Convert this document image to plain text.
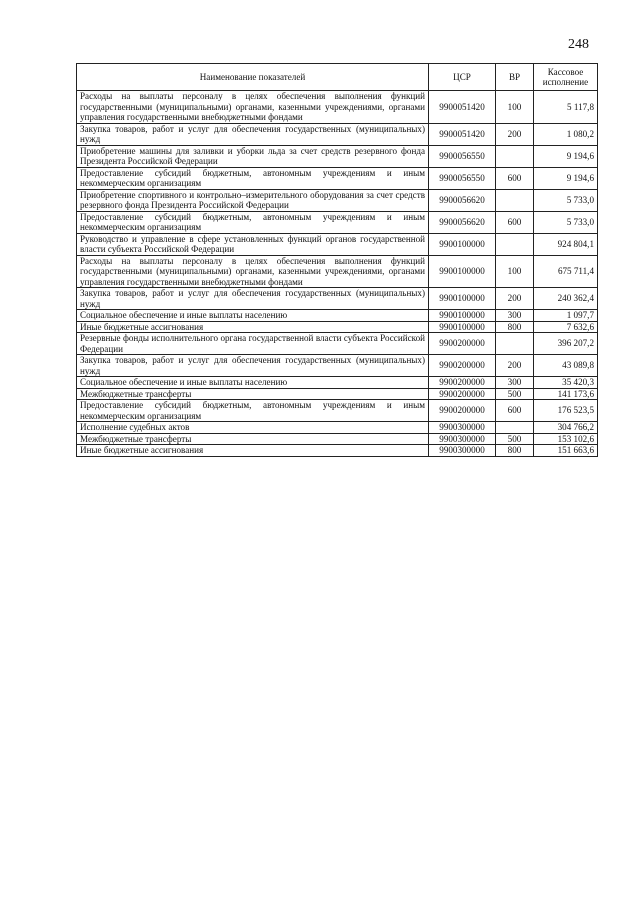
248
Наименование показателей	ЦСР	ВР	Кассовое исполнение
Расходы на выплаты персоналу в целях обеспечения выполнения функций государственными (муниципальными) органами, казенными учреждениями, органами управления государственными внебюджетными фондами	9900051420	100	5 117,8
Закупка товаров, работ и услуг для обеспечения государственных (муниципальных) нужд	9900051420	200	1 080,2
Приобретение машины для заливки и уборки льда за счет средств резервного фонда Президента Российской Федерации	9900056550		9 194,6
Предоставление субсидий бюджетным, автономным учреждениям и иным некоммерческим организациям	9900056550	600	9 194,6
Приобретение спортивного и контрольно–измерительного оборудования за счет средств резервного фонда Президента Российской Федерации	9900056620		5 733,0
Предоставление субсидий бюджетным, автономным учреждениям и иным некоммерческим организациям	9900056620	600	5 733,0
Руководство и управление в сфере установленных функций органов государственной власти субъекта Российской Федерации	9900100000		924 804,1
Расходы на выплаты персоналу в целях обеспечения выполнения функций государственными (муниципальными) органами, казенными учреждениями, органами управления государственными внебюджетными фондами	9900100000	100	675 711,4
Закупка товаров, работ и услуг для обеспечения государственных (муниципальных) нужд	9900100000	200	240 362,4
Социальное обеспечение и иные выплаты населению	9900100000	300	1 097,7
Иные бюджетные ассигнования	9900100000	800	7 632,6
Резервные фонды исполнительного органа государственной власти субъекта Российской Федерации	9900200000		396 207,2
Закупка товаров, работ и услуг для обеспечения государственных (муниципальных) нужд	9900200000	200	43 089,8
Социальное обеспечение и иные выплаты населению	9900200000	300	35 420,3
Межбюджетные трансферты	9900200000	500	141 173,6
Предоставление субсидий бюджетным, автономным учреждениям и иным некоммерческим организациям	9900200000	600	176 523,5
Исполнение судебных актов	9900300000		304 766,2
Межбюджетные трансферты	9900300000	500	153 102,6
Иные бюджетные ассигнования	9900300000	800	151 663,6
